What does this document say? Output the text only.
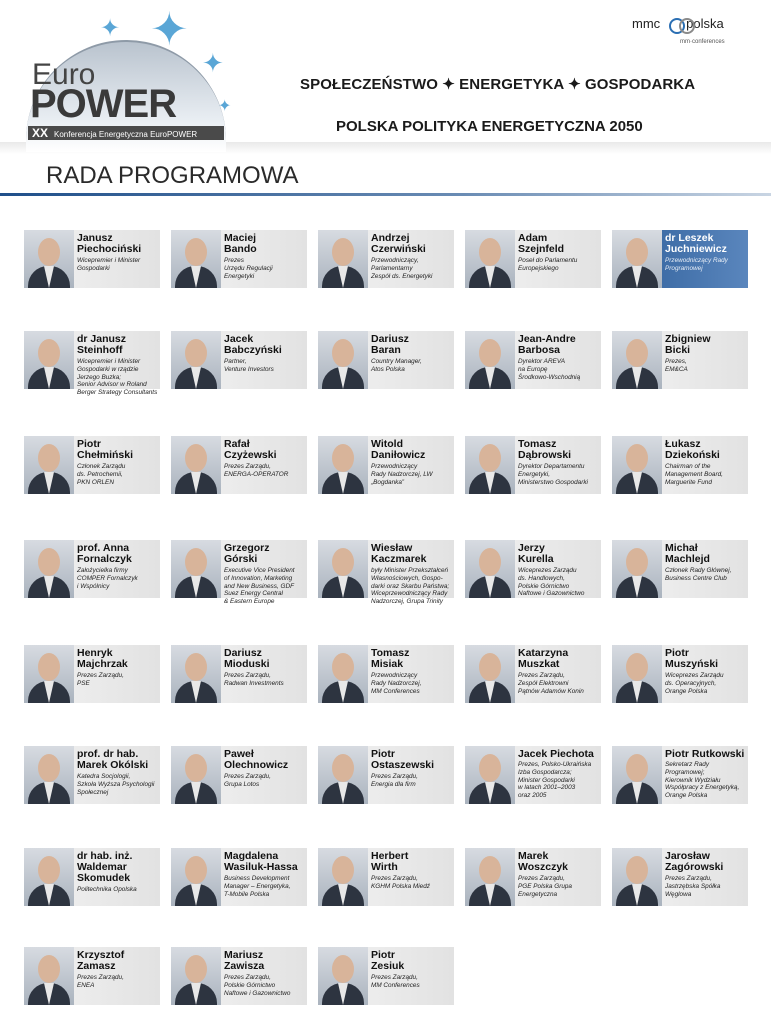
✦
✦
✦
✦
Euro
POWER
XX Konferencja Energetyczna EuroPOWER
SPOŁECZEŃSTWO ✦ ENERGETYKA ✦ GOSPODARKA
POLSKA POLITYKA ENERGETYCZNA 2050
mmc polska
mm·conferences
RADA PROGRAMOWA
Janusz
Piechociński
Wicepremier i Minister
Gospodarki
Maciej
Bando
Prezes
Urzędu Regulacji
Energetyki
Andrzej
Czerwiński
Przewodniczący,
Parlamentarny
Zespół ds. Energetyki
Adam
Szejnfeld
Poseł do Parlamentu
Europejskiego
dr Leszek
Juchniewicz
Przewodniczący Rady
Programowej
dr Janusz
Steinhoff
Wicepremier i Minister
Gospodarki w rządzie
Jerzego Buzka;
Senior Advisor w Roland
Berger Strategy Consultants
Jacek
Babczyński
Partner,
Venture Investors
Dariusz
Baran
Country Manager,
Atos Polska
Jean-Andre
Barbosa
Dyrektor AREVA
na Europę
Środkowo-Wschodnią
Zbigniew
Bicki
Prezes,
EM&CA
Piotr
Chełmiński
Członek Zarządu
ds. Petrochemii,
PKN ORLEN
Rafał
Czyżewski
Prezes Zarządu,
ENERGA-OPERATOR
Witold
Daniłowicz
Przewodniczący
Rady Nadzorczej, LW
„Bogdanka”
Tomasz
Dąbrowski
Dyrektor Departamentu
Energetyki,
Ministerstwo Gospodarki
Łukasz
Dziekoński
Chairman of the
Management Board,
Marguerite Fund
prof. Anna
Fornalczyk
Założycielka firmy
COMPER Fornalczyk
i Wspólnicy
Grzegorz
Górski
Executive Vice President
of Innovation, Marketing
and New Business, GDF
Suez Energy Central
& Eastern Europe
Wiesław
Kaczmarek
były Minister Przekształceń
Własnościowych, Gospo-
darki oraz Skarbu Państwa;
Wiceprzewodniczący Rady
Nadzorczej, Grupa Trinity
Jerzy
Kurella
Wiceprezes Zarządu
ds. Handlowych,
Polskie Górnictwo
Naftowe i Gazownictwo
Michał
Machlejd
Członek Rady Głównej,
Business Centre Club
Henryk
Majchrzak
Prezes Zarządu,
PSE
Dariusz
Mioduski
Prezes Zarządu,
Radwan Investments
Tomasz
Misiak
Przewodniczący
Rady Nadzorczej,
MM Conferences
Katarzyna
Muszkat
Prezes Zarządu,
Zespół Elektrowni
Pątnów Adamów Konin
Piotr
Muszyński
Wiceprezes Zarządu
ds. Operacyjnych,
Orange Polska
prof. dr hab.
Marek Okólski
Katedra Socjologii,
Szkoła Wyższa Psychologii
Społecznej
Paweł
Olechnowicz
Prezes Zarządu,
Grupa Lotos
Piotr
Ostaszewski
Prezes Zarządu,
Energia dla firm
Jacek Piechota
Prezes, Polsko-Ukraińska
Izba Gospodarcza;
Minister Gospodarki
w latach 2001–2003
oraz 2005
Piotr Rutkowski
Sekretarz Rady
Programowej;
Kierownik Wydziału
Współpracy z Energetyką,
Orange Polska
dr hab. inż.
Waldemar
Skomudek
Politechnika Opolska
Magdalena
Wasiluk-Hassa
Business Development
Manager – Energetyka,
T-Mobile Polska
Herbert
Wirth
Prezes Zarządu,
KGHM Polska Miedź
Marek
Woszczyk
Prezes Zarządu,
PGE Polska Grupa
Energetyczna
Jarosław
Zagórowski
Prezes Zarządu,
Jastrzębska Spółka
Węglowa
Krzysztof
Zamasz
Prezes Zarządu,
ENEA
Mariusz
Zawisza
Prezes Zarządu,
Polskie Górnictwo
Naftowe i Gazownictwo
Piotr
Zesiuk
Prezes Zarządu,
MM Conferences
